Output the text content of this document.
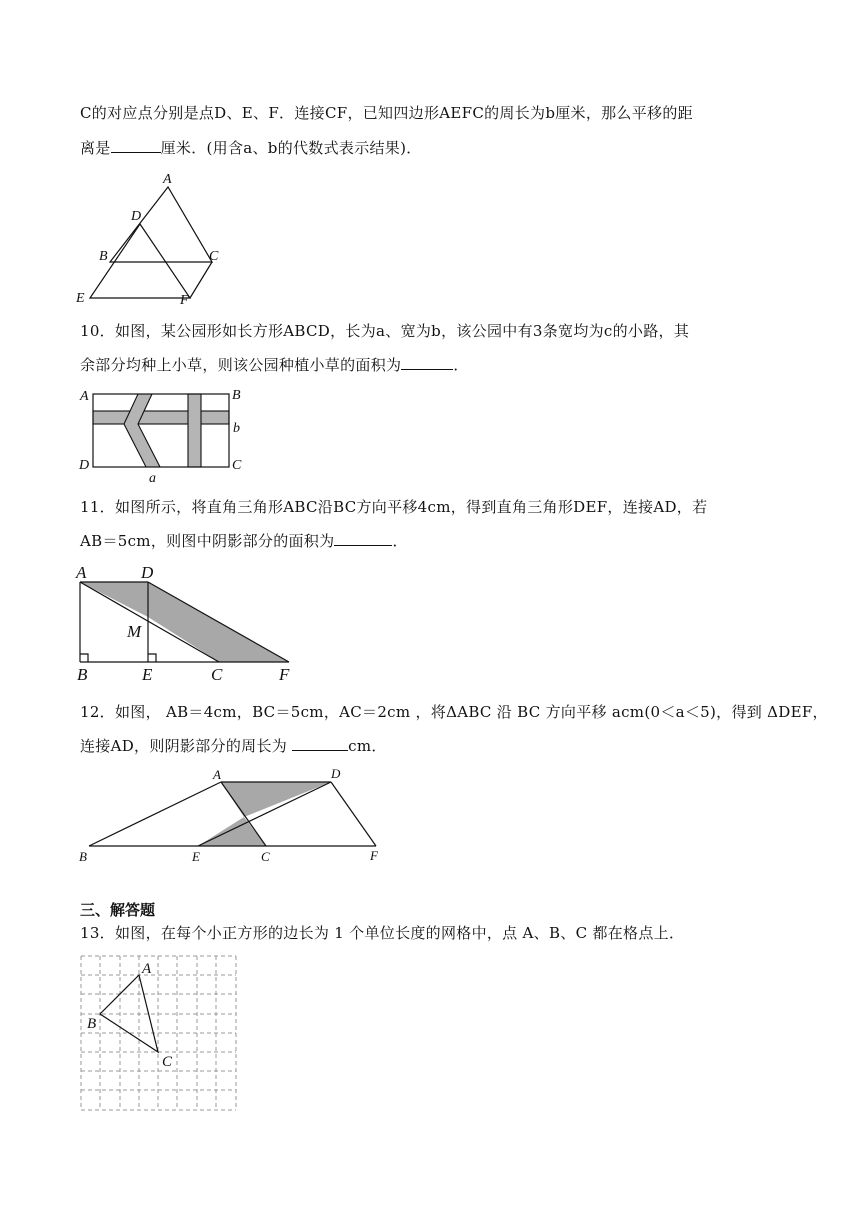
C的对应点分别是点D、E、F．连接CF，已知四边形AEFC的周长为b厘米，那么平移的距
离是	厘米．(用含a、b的代数式表示结果)．
A
D
B	C
E	F
10．如图，某公园形如长方形ABCD，长为a、宽为b，该公园中有3条宽均为c的小路，其
余部分均种上小草，则该公园种植小草的面积为	．
A	B
b
D	C
a
11．如图所示，将直角三角形ABC沿BC方向平移4cm，得到直角三角形DEF，连接AD，若
AB＝5cm，则图中阴影部分的面积为	．
A	D
M
B	E	C	F
12．如图， AB＝4cm，BC＝5cm，AC＝2cm ，将ΔABC 沿 BC 方向平移 acm(0＜a＜5)，得到 ΔDEF，
连接AD，则阴影部分的周长为	cm．
A	D
B	E	C	F
三、解答题
13．如图，在每个小正方形的边长为 1 个单位长度的网格中，点 A、B、C 都在格点上．
A
B
C
